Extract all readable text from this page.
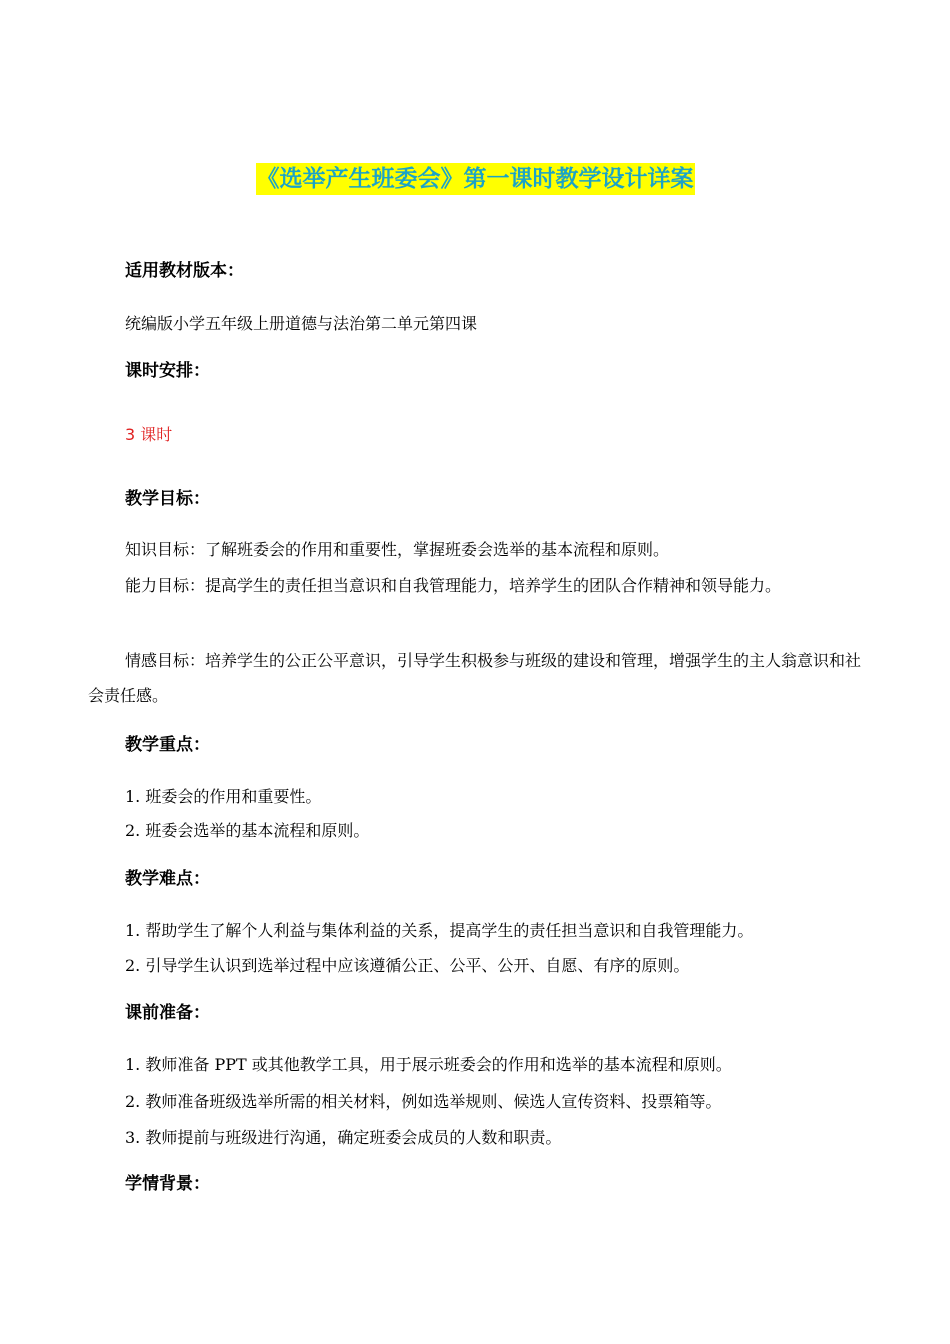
《选举产生班委会》第一课时教学设计详案
适用教材版本：

统编版小学五年级上册道德与法治第二单元第四课

课时安排：

3 课时

教学目标：

知识目标：了解班委会的作用和重要性，掌握班委会选举的基本流程和原则。

能力目标：提高学生的责任担当意识和自我管理能力，培养学生的团队合作精神和领导能力。

情感目标：培养学生的公正公平意识，引导学生积极参与班级的建设和管理，增强学生的主人翁意识和社会责任感。

教学重点：

1. 班委会的作用和重要性。

2. 班委会选举的基本流程和原则。

教学难点：

1. 帮助学生了解个人利益与集体利益的关系，提高学生的责任担当意识和自我管理能力。

2. 引导学生认识到选举过程中应该遵循公正、公平、公开、自愿、有序的原则。

课前准备：

1. 教师准备 PPT 或其他教学工具，用于展示班委会的作用和选举的基本流程和原则。

2. 教师准备班级选举所需的相关材料，例如选举规则、候选人宣传资料、投票箱等。

3. 教师提前与班级进行沟通，确定班委会成员的人数和职责。

学情背景：
